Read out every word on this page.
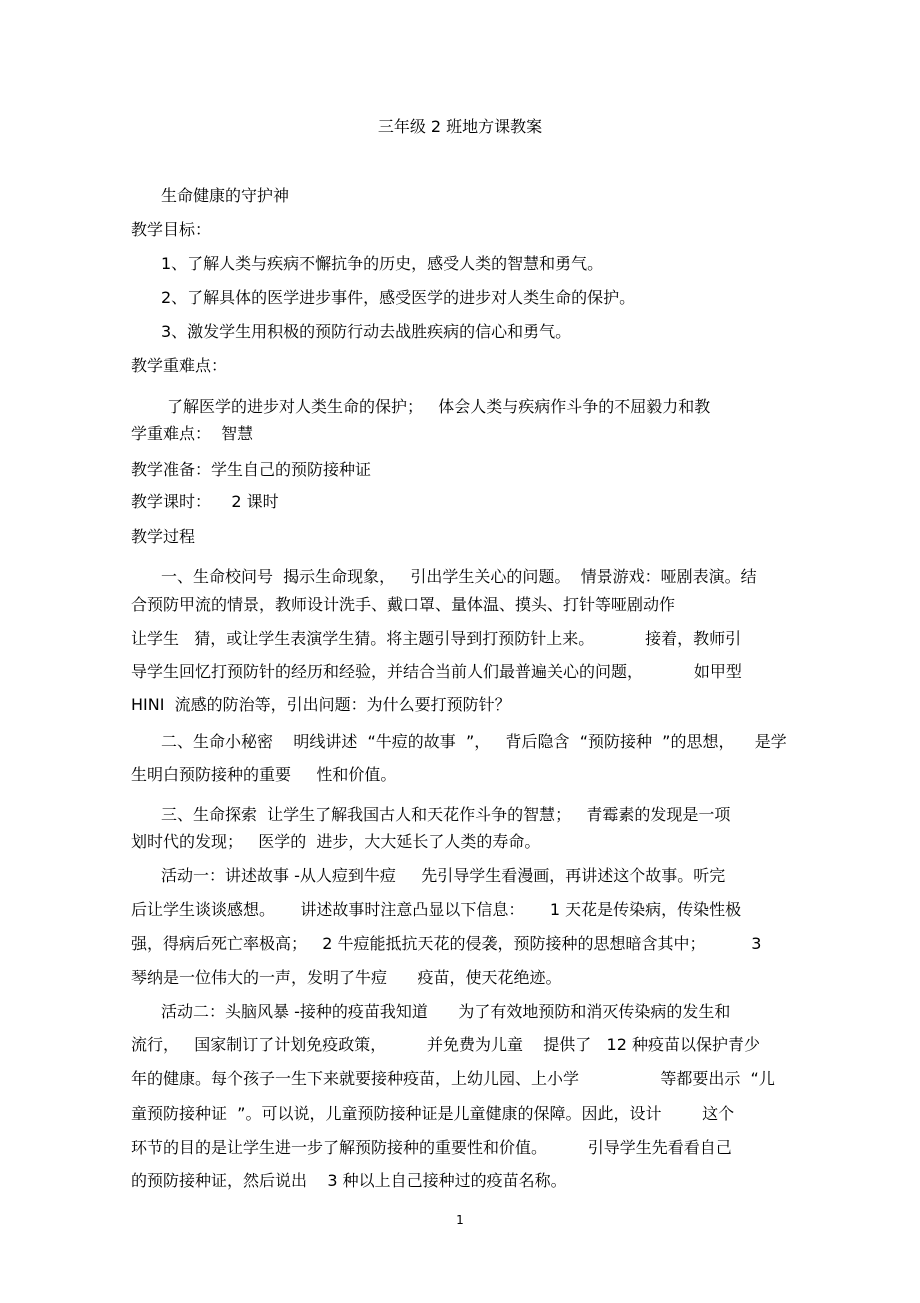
三年级 2 班地方课教案
生命健康的守护神
教学目标：
1、了解人类与疾病不懈抗争的历史，感受人类的智慧和勇气。
2、了解具体的医学进步事件，感受医学的进步对人类生命的保护。
3、激发学生用积极的预防行动去战胜疾病的信心和勇气。
教学重难点：
了解医学的进步对人类生命的保护；   体会人类与疾病作斗争的不屈毅力和教
学重难点：  智慧
教学准备：学生自己的预防接种证
教学课时：    2 课时
教学过程
一、生命校问号  揭示生命现象，   引出学生关心的问题。  情景游戏：哑剧表演。结
合预防甲流的情景，教师设计洗手、戴口罩、量体温、摸头、打针等哑剧动作
让学生   猜，或让学生表演学生猜。将主题引导到打预防针上来。          接着，教师引
导学生回忆打预防针的经历和经验，并结合当前人们最普遍关心的问题，          如甲型
HINI  流感的防治等，引出问题：为什么要打预防针？
二、生命小秘密    明线讲述  “牛痘的故事  ”，   背后隐含  “预防接种  ”的思想，    是学
生明白预防接种的重要     性和价值。
三、生命探索  让学生了解我国古人和天花作斗争的智慧；   青霉素的发现是一项
划时代的发现；   医学的  进步，大大延长了人类的寿命。
活动一：讲述故事 -从人痘到牛痘     先引导学生看漫画，再讲述这个故事。听完
后让学生谈谈感想。     讲述故事时注意凸显以下信息：     1 天花是传染病，传染性极
强，得病后死亡率极高；   2 牛痘能抵抗天花的侵袭，预防接种的思想暗含其中；         3
琴纳是一位伟大的一声，发明了牛痘      疫苗，使天花绝迹。
活动二：头脑风暴 -接种的疫苗我知道      为了有效地预防和消灭传染病的发生和
流行，   国家制订了计划免疫政策，        并免费为儿童    提供了   12 种疫苗以保护青少
年的健康。每个孩子一生下来就要接种疫苗，上幼儿园、上小学                等都要出示  “儿
童预防接种证  ”。可以说，儿童预防接种证是儿童健康的保障。因此，设计        这个
环节的目的是让学生进一步了解预防接种的重要性和价值。        引导学生先看看自己
的预防接种证，然后说出    3 种以上自己接种过的疫苗名称。
1
